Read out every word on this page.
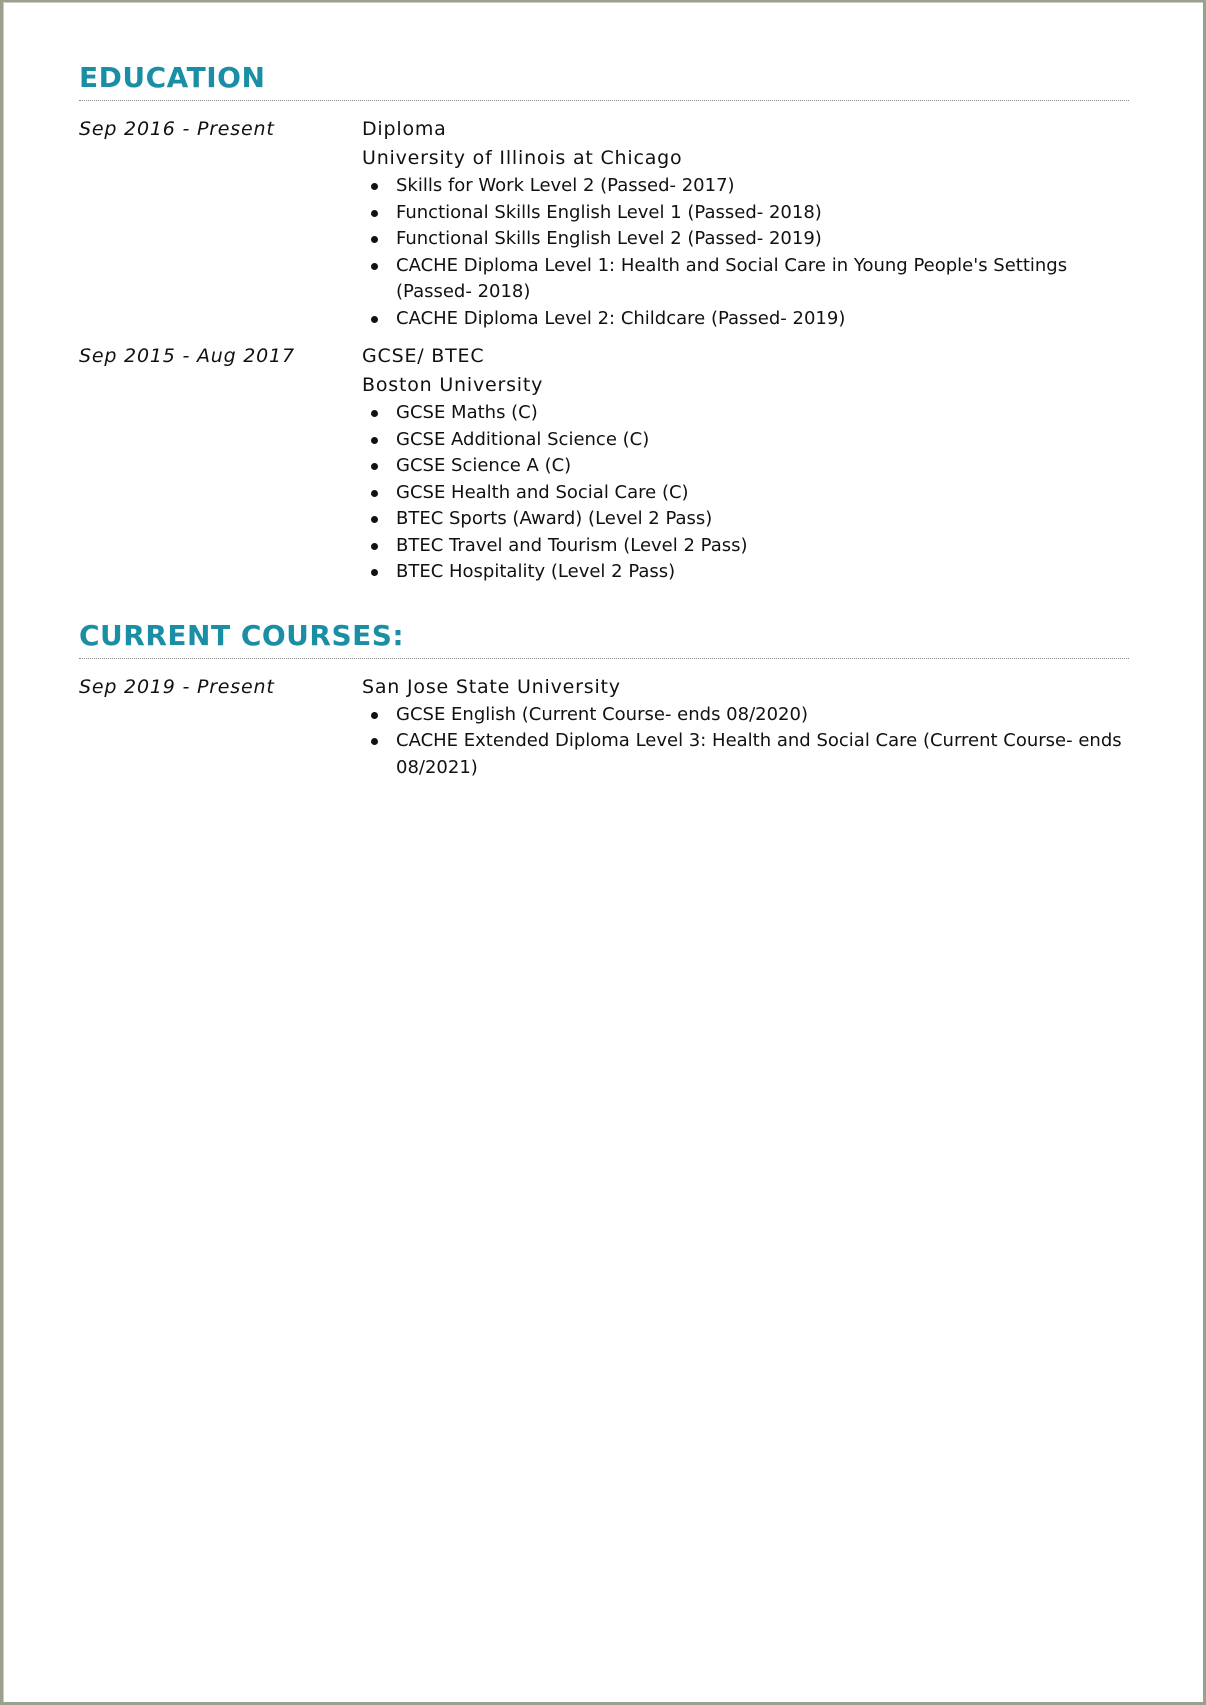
EDUCATION
Sep 2016 - Present	Diploma
University of Illinois at Chicago
Skills for Work Level 2 (Passed- 2017)
Functional Skills English Level 1 (Passed- 2018)
Functional Skills English Level 2 (Passed- 2019)
CACHE Diploma Level 1: Health and Social Care in Young People's Settings (Passed- 2018)
CACHE Diploma Level 2: Childcare (Passed- 2019)
Sep 2015 - Aug 2017	GCSE/ BTEC
Boston University
GCSE Maths (C)
GCSE Additional Science (C)
GCSE Science A (C)
GCSE Health and Social Care (C)
BTEC Sports (Award) (Level 2 Pass)
BTEC Travel and Tourism (Level 2 Pass)
BTEC Hospitality (Level 2 Pass)
CURRENT COURSES:
Sep 2019 - Present	San Jose State University
GCSE English (Current Course- ends 08/2020)
CACHE Extended Diploma Level 3: Health and Social Care (Current Course- ends 08/2021)
